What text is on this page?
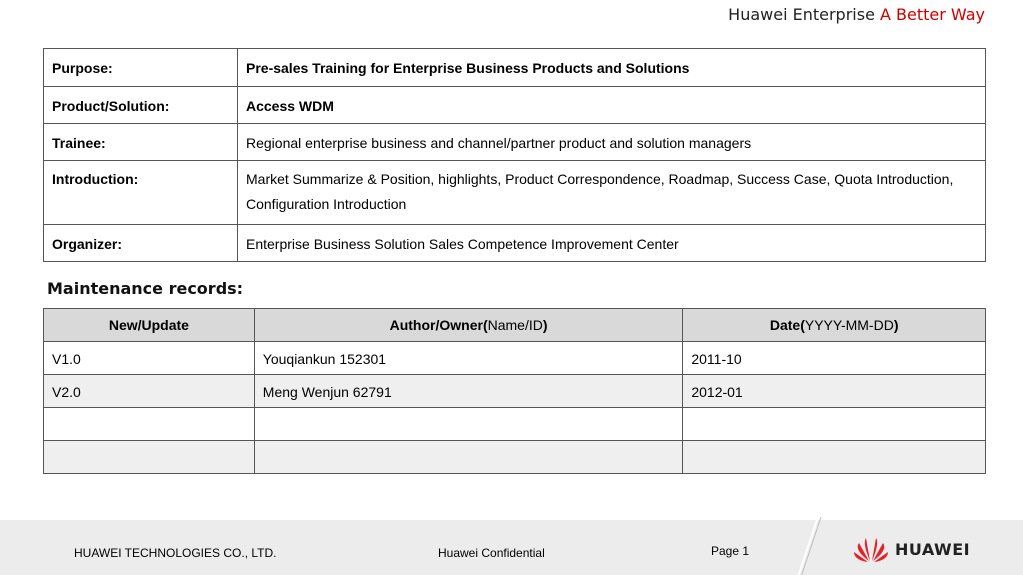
Huawei Enterprise A Better Way
Purpose:	Pre-sales Training for Enterprise Business Products and Solutions
Product/Solution:	Access WDM
Trainee:	Regional enterprise business and channel/partner product and solution managers
Introduction:	Market Summarize & Position, highlights, Product Correspondence, Roadmap, Success Case, Quota Introduction, Configuration Introduction
Organizer:	Enterprise Business Solution Sales Competence Improvement Center
Maintenance records:
New/Update	Author/Owner(Name/ID)	Date(YYYY-MM-DD)
V1.0	Youqiankun 152301	2011-10
V2.0	Meng Wenjun 62791	2012-01

HUAWEI TECHNOLOGIES CO., LTD.	Huawei Confidential	Page 1	HUAWEI
